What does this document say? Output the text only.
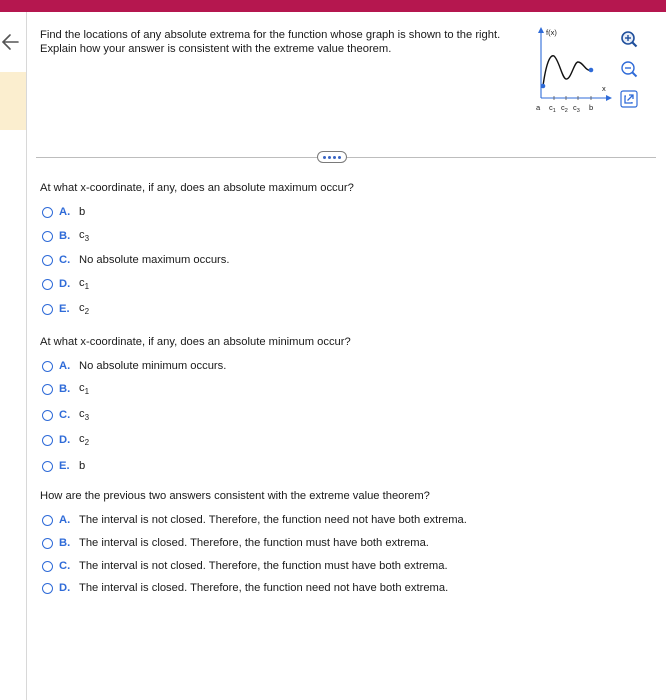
Find the locations of any absolute extrema for the function whose graph is shown to the right. Explain how your answer is consistent with the extreme value theorem.
f(x)
x
a $c_1$ $c_2$ $c_3$ b
At what x-coordinate, if any, does an absolute maximum occur?
A. b
B. $c_3$
C. No absolute maximum occurs.
D. $c_1$
E. $c_2$
At what x-coordinate, if any, does an absolute minimum occur?
A. No absolute minimum occurs.
B. $c_1$
C. $c_3$
D. $c_2$
E. b
How are the previous two answers consistent with the extreme value theorem?
A. The interval is not closed. Therefore, the function need not have both extrema.
B. The interval is closed. Therefore, the function must have both extrema.
C. The interval is not closed. Therefore, the function must have both extrema.
D. The interval is closed. Therefore, the function need not have both extrema.
